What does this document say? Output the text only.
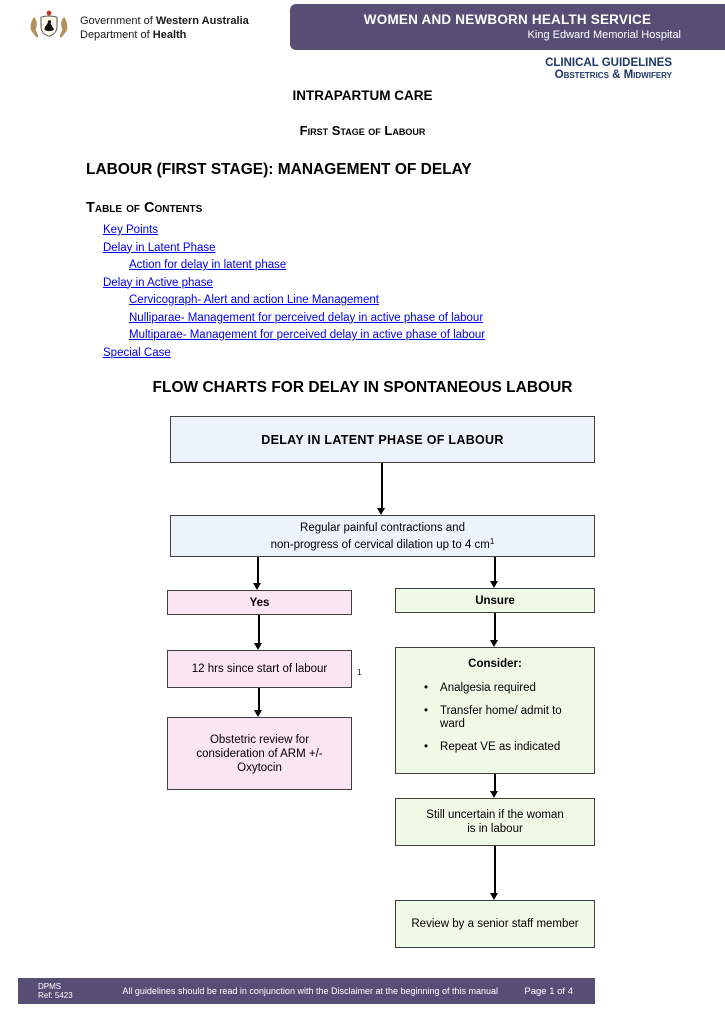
Government of Western Australia
Department of Health
WOMEN AND NEWBORN HEALTH SERVICE
King Edward Memorial Hospital
CLINICAL GUIDELINES
Obstetrics & Midwifery
INTRAPARTUM CARE
First Stage of Labour
LABOUR (FIRST STAGE): MANAGEMENT OF DELAY
Table of Contents
Key Points
Delay in Latent Phase
Action for delay in latent phase
Delay in Active phase
Cervicograph- Alert and action Line Management
Nulliparae- Management for perceived delay in active phase of labour
Multiparae- Management for perceived delay in active phase of labour
Special Case
FLOW CHARTS FOR DELAY IN SPONTANEOUS LABOUR
DELAY IN LATENT PHASE OF LABOUR
Regular painful contractions and
non-progress of cervical dilation up to 4 $cm^1$
Yes	Unsure
12 hrs since start of labour	1
Obstetric review for consideration of ARM +/- Oxytocin
Consider:
• Analgesia required
• Transfer home/ admit to ward
• Repeat VE as indicated
Still uncertain if the woman is in labour
Review by a senior staff member
DPMS
Ref: 5423	All guidelines should be read in conjunction with the Disclaimer at the beginning of this manual	Page 1 of 4
